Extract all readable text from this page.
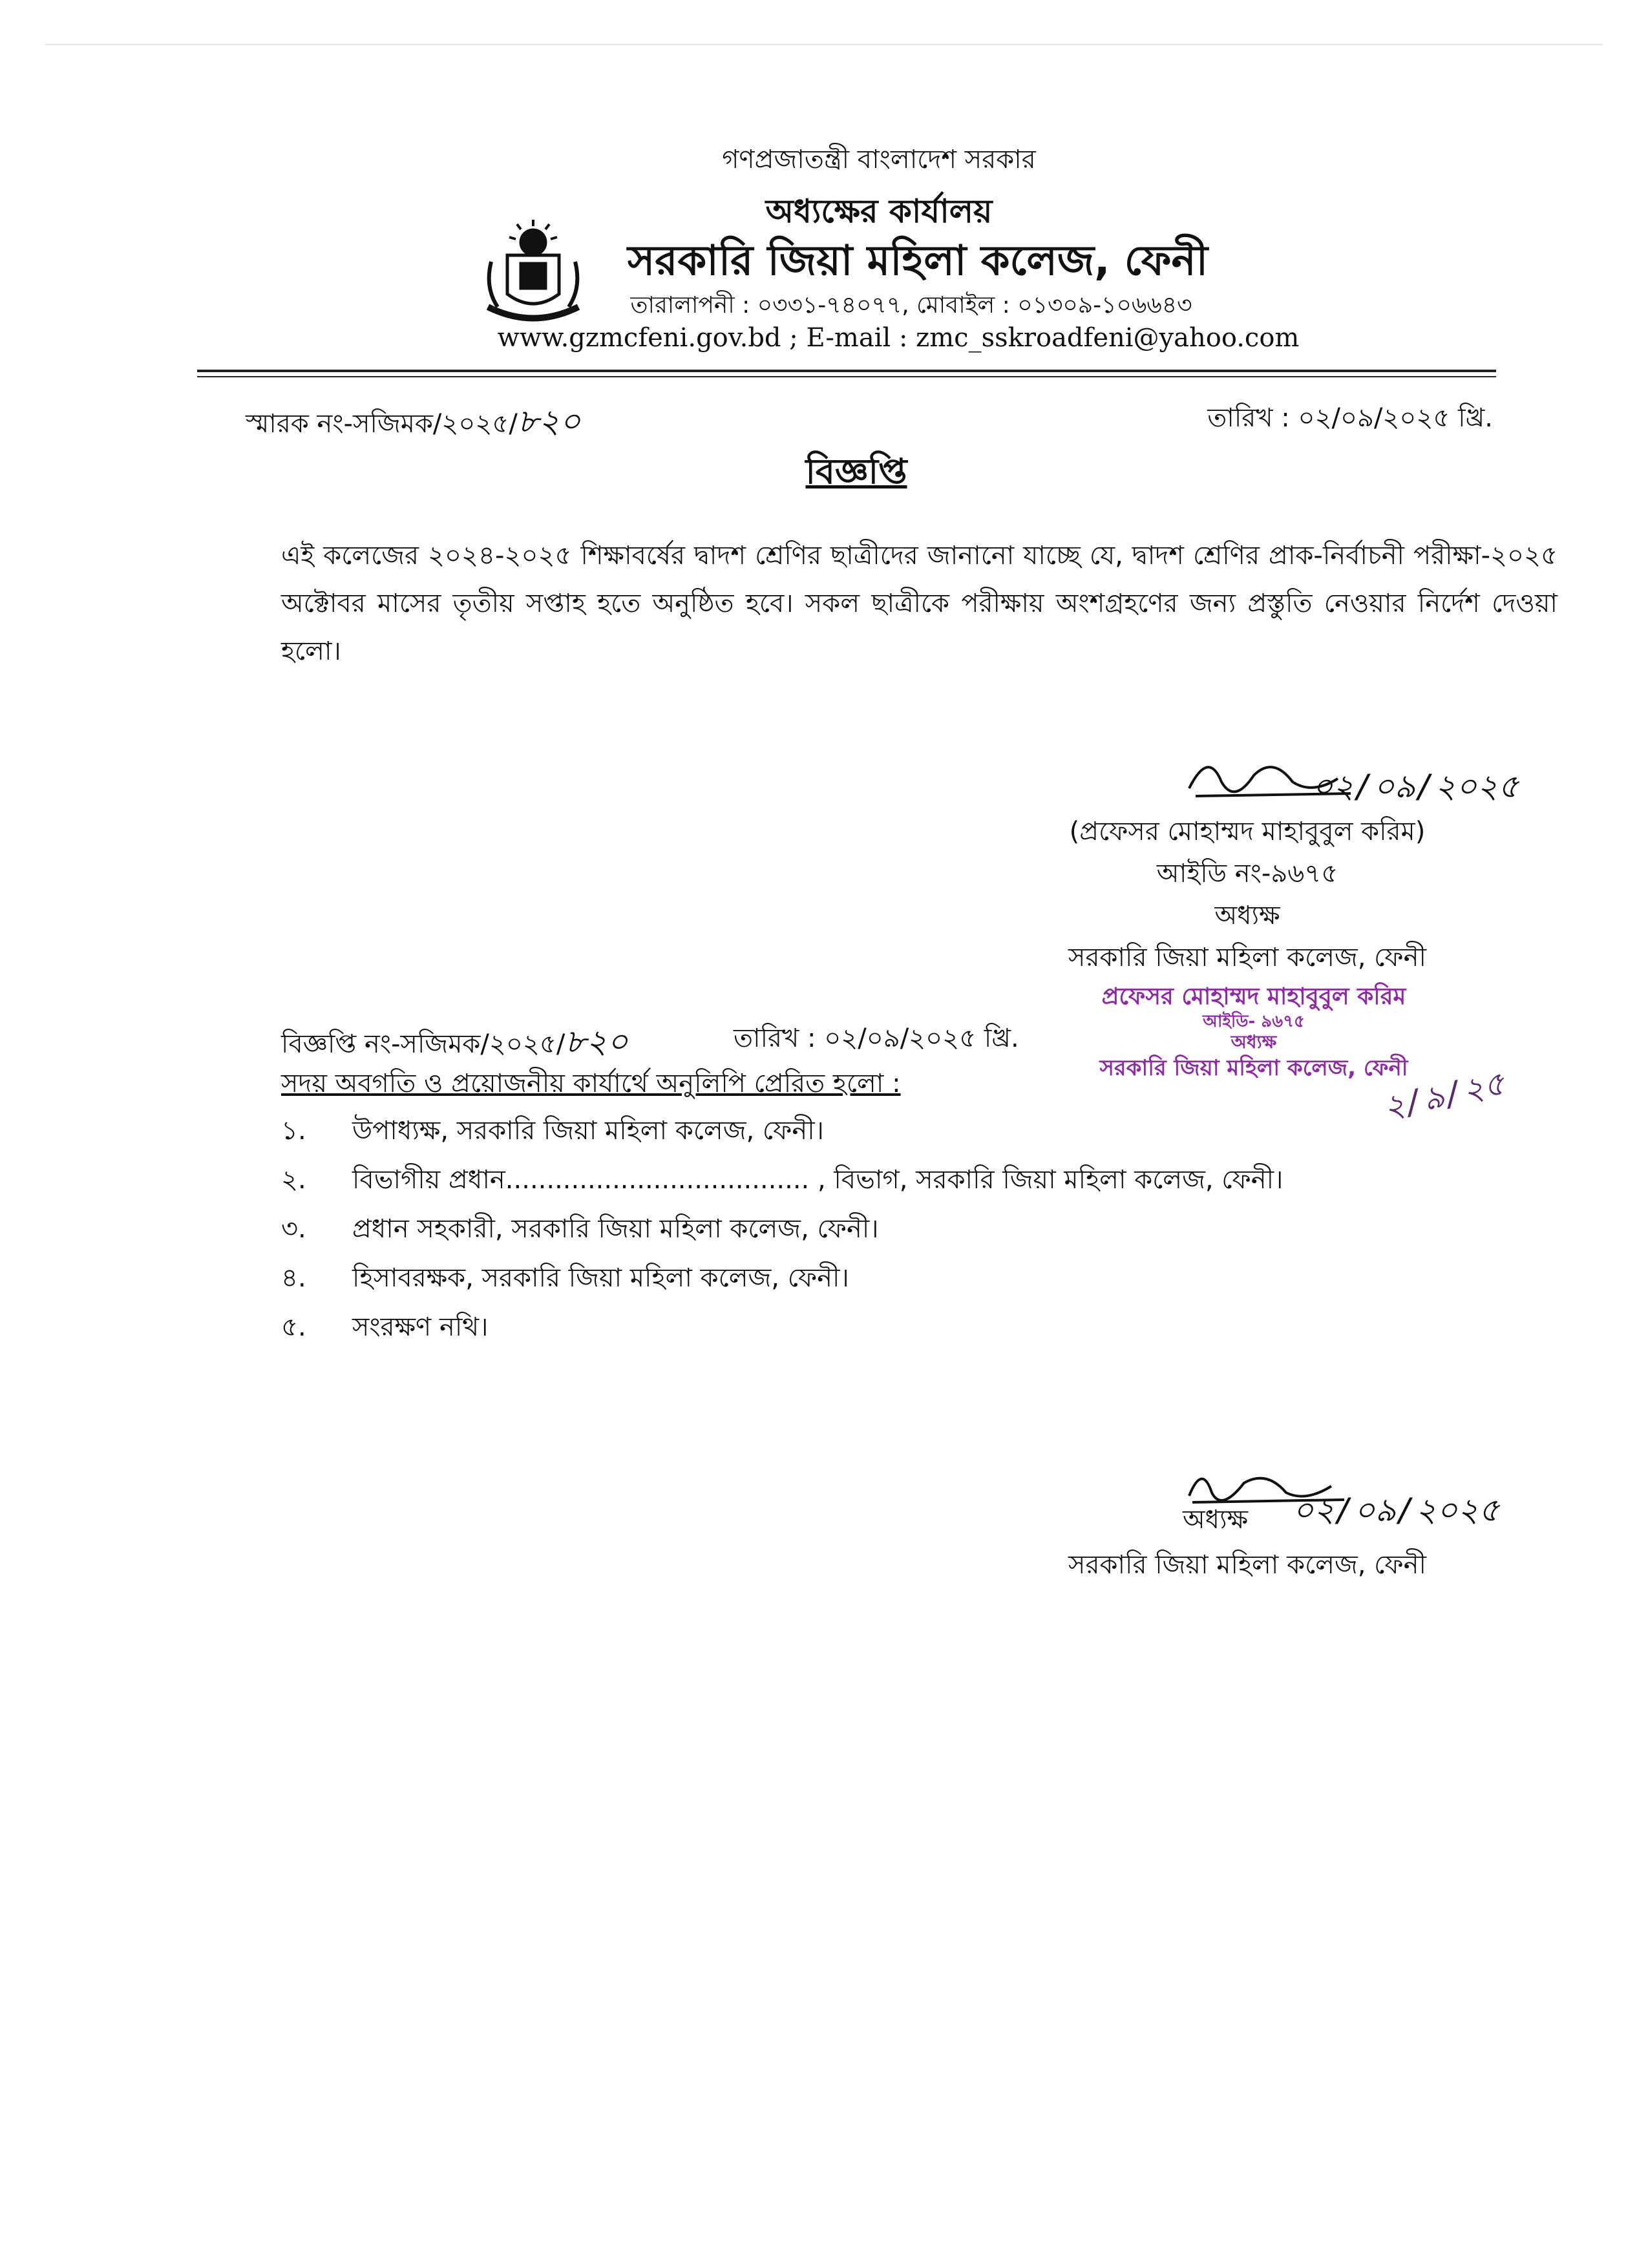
গণপ্রজাতন্ত্রী বাংলাদেশ সরকার
অধ্যক্ষের কার্যালয়
সরকারি জিয়া মহিলা কলেজ, ফেনী
তারালাপনী : ০৩৩১-৭৪০৭৭, মোবাইল : ০১৩০৯-১০৬৬৪৩
www.gzmcfeni.gov.bd ; E-mail : zmc_sskroadfeni@yahoo.com
স্মারক নং-সজিমক/২০২৫/৮২০	তারিখ : ০২/০৯/২০২৫ খ্রি.
বিজ্ঞপ্তি
এই কলেজের ২০২৪-২০২৫ শিক্ষাবর্ষের দ্বাদশ শ্রেণির ছাত্রীদের জানানো যাচ্ছে যে, দ্বাদশ শ্রেণির প্রাক-নির্বাচনী পরীক্ষা-২০২৫ অক্টোবর মাসের তৃতীয় সপ্তাহ হতে অনুষ্ঠিত হবে। সকল ছাত্রীকে পরীক্ষায় অংশগ্রহণের জন্য প্রস্তুতি নেওয়ার নির্দেশ দেওয়া হলো।
০২/০৯/২০২৫
(প্রফেসর মোহাম্মদ মাহাবুবুল করিম)
আইডি নং-৯৬৭৫
অধ্যক্ষ
সরকারি জিয়া মহিলা কলেজ, ফেনী
প্রফেসর মোহাম্মদ মাহাবুবুল করিম
আইডি- ৯৬৭৫
অধ্যক্ষ
সরকারি জিয়া মহিলা কলেজ, ফেনী
২/৯/২৫
বিজ্ঞপ্তি নং-সজিমক/২০২৫/৮২০	তারিখ : ০২/০৯/২০২৫ খ্রি.
সদয় অবগতি ও প্রয়োজনীয় কার্যার্থে অনুলিপি প্রেরিত হলো :
১. উপাধ্যক্ষ, সরকারি জিয়া মহিলা কলেজ, ফেনী।
২. বিভাগীয় প্রধান..................................... , বিভাগ, সরকারি জিয়া মহিলা কলেজ, ফেনী।
৩. প্রধান সহকারী, সরকারি জিয়া মহিলা কলেজ, ফেনী।
৪. হিসাবরক্ষক, সরকারি জিয়া মহিলা কলেজ, ফেনী।
৫. সংরক্ষণ নথি।
০২/০৯/২০২৫
অধ্যক্ষ
সরকারি জিয়া মহিলা কলেজ, ফেনী
